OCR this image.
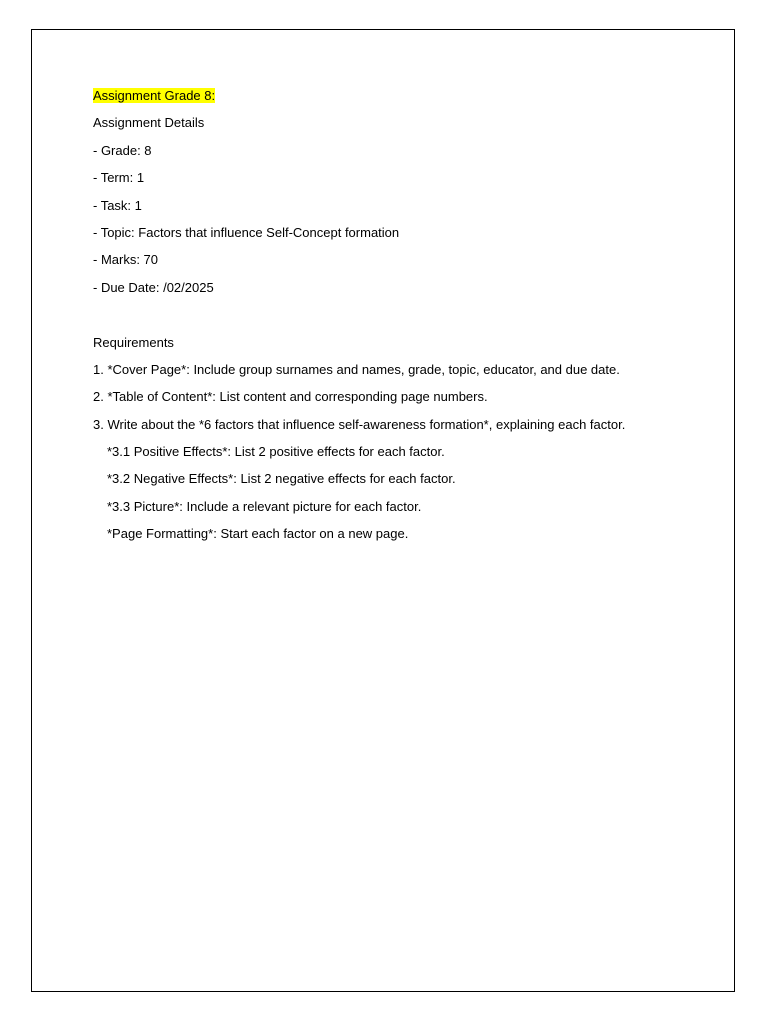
Assignment Grade 8:
Assignment Details
- Grade: 8
- Term: 1
- Task: 1
- Topic: Factors that influence Self-Concept formation
- Marks: 70
- Due Date: /02/2025
Requirements
1. *Cover Page*: Include group surnames and names, grade, topic, educator, and due date.
2. *Table of Content*: List content and corresponding page numbers.
3. Write about the *6 factors that influence self-awareness formation*, explaining each factor.
*3.1 Positive Effects*: List 2 positive effects for each factor.
*3.2 Negative Effects*: List 2 negative effects for each factor.
*3.3 Picture*: Include a relevant picture for each factor.
*Page Formatting*: Start each factor on a new page.
